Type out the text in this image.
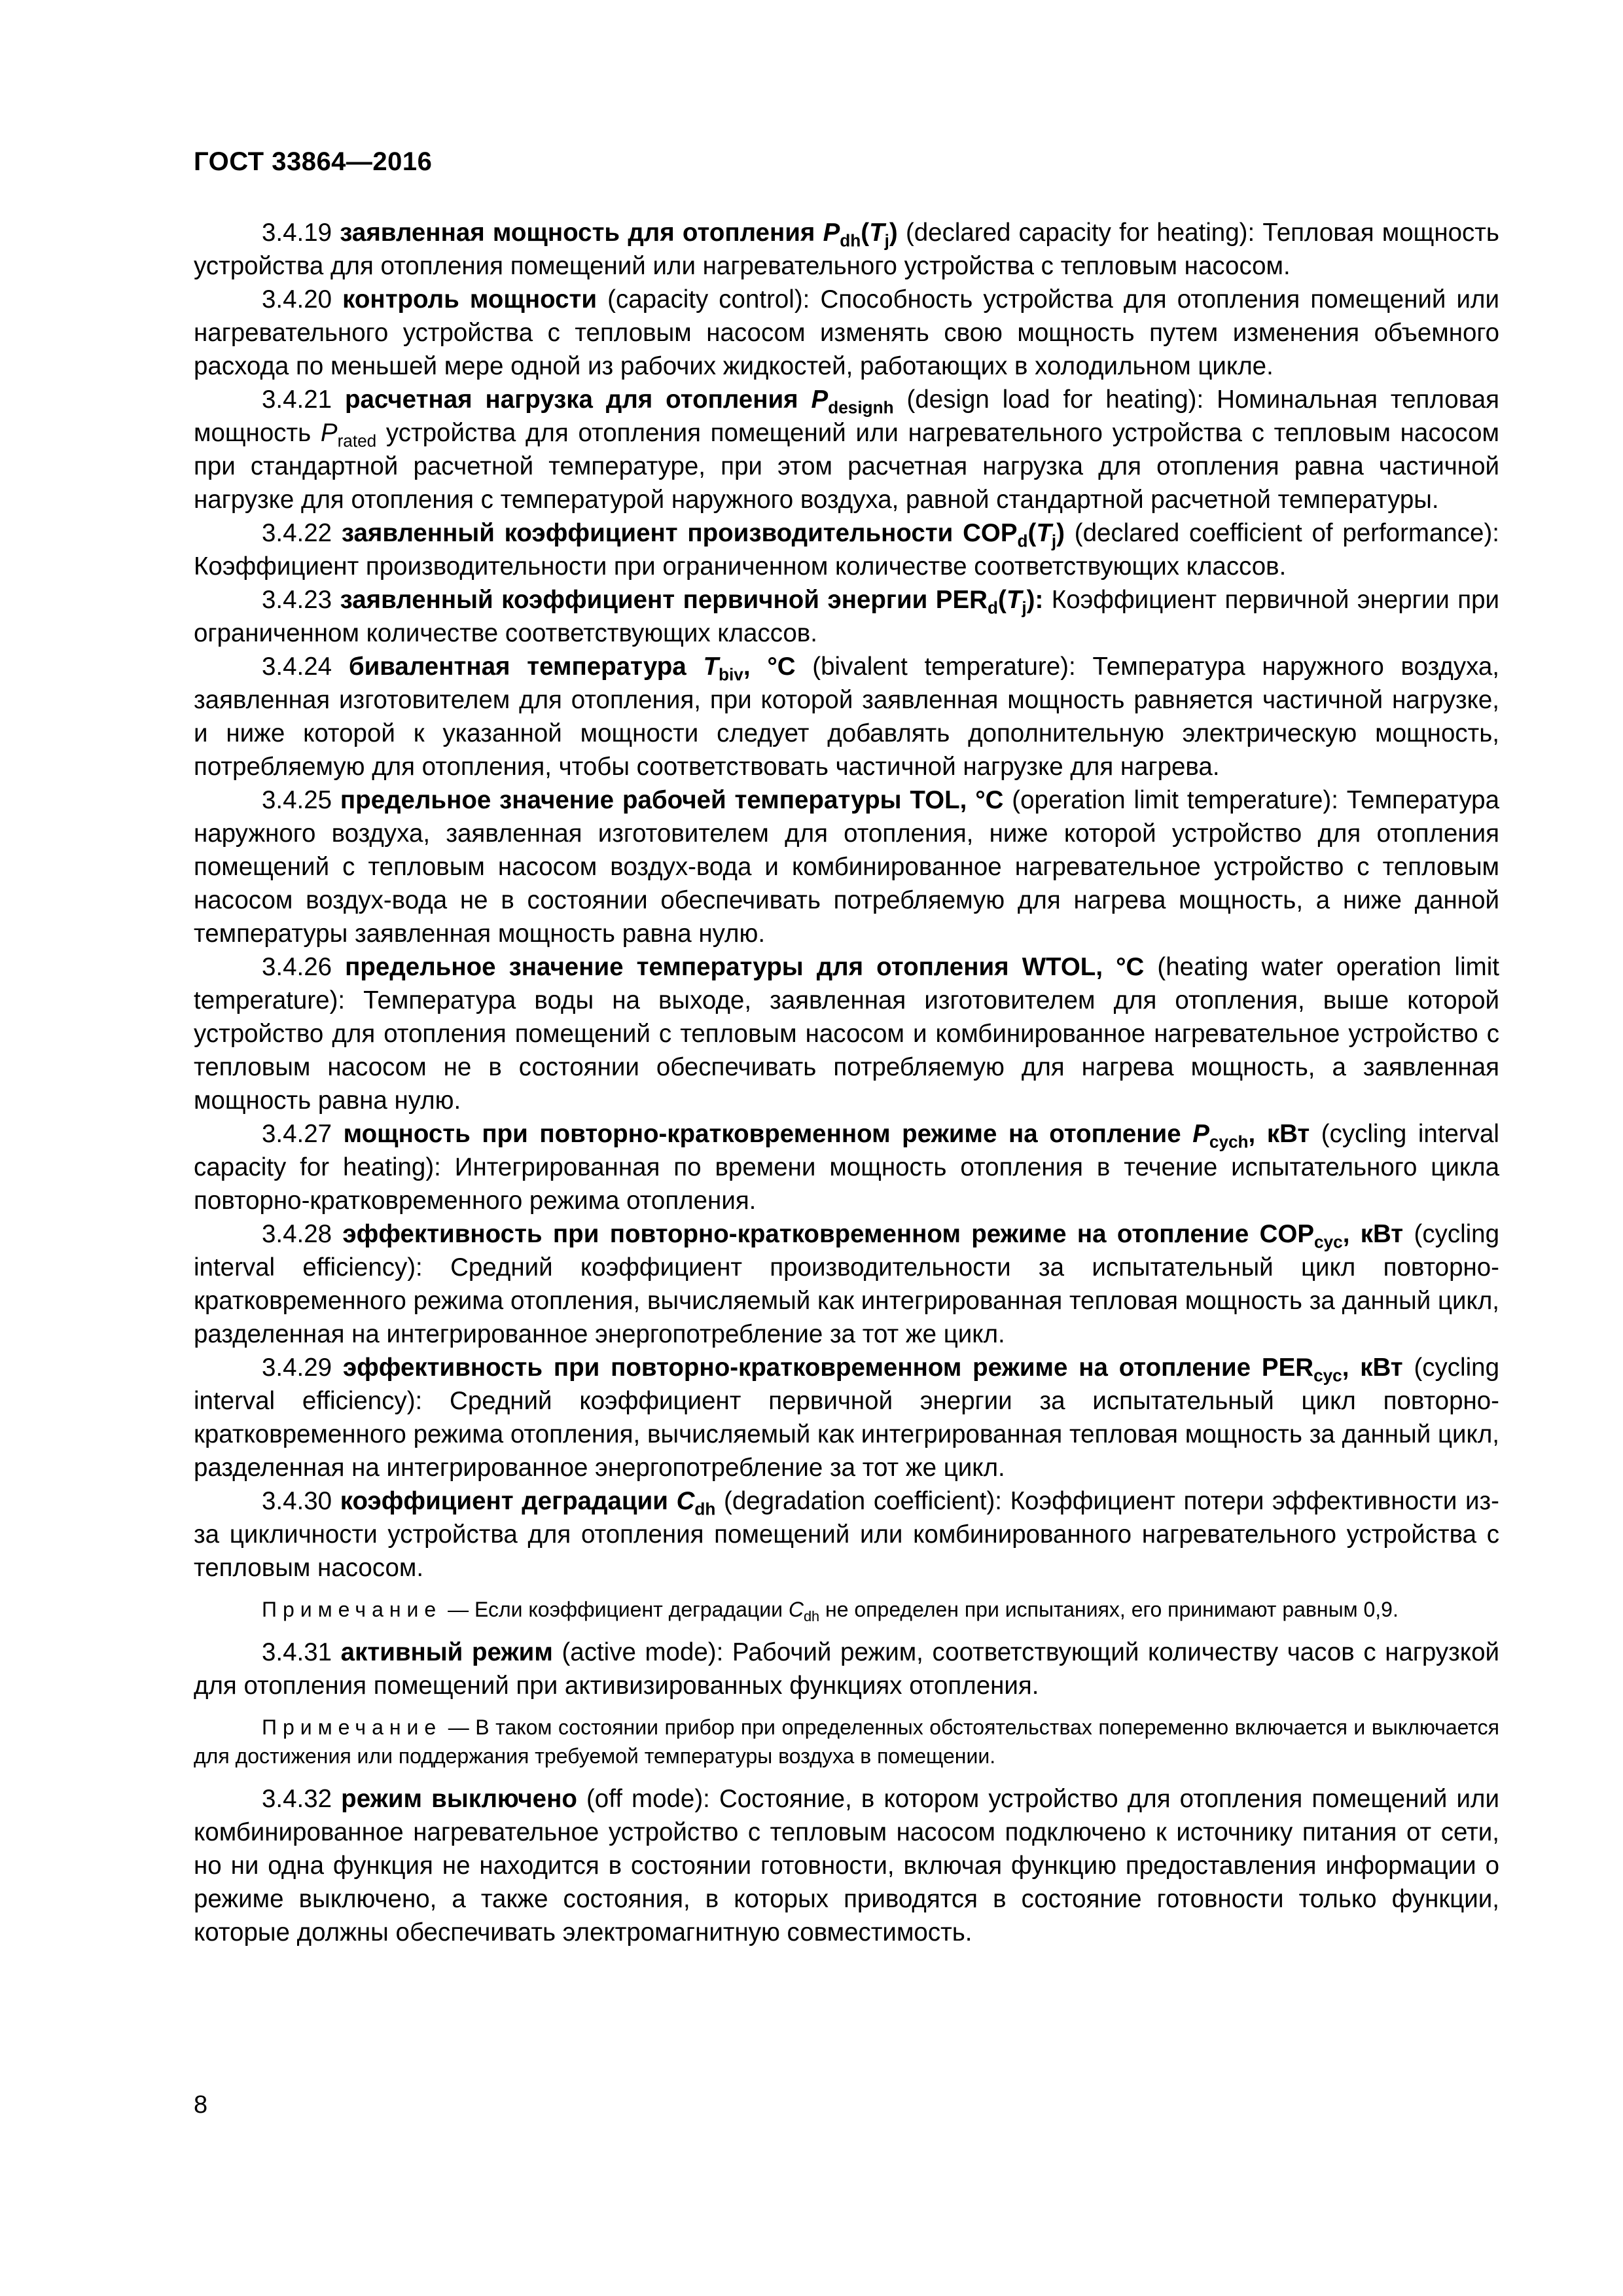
ГОСТ 33864—2016

3.4.19 заявленная мощность для отопления $P_{dh}(T_j)$ (declared capacity for heating): Тепловая мощность устройства для отопления помещений или нагревательного устройства с тепловым насосом.

3.4.20 контроль мощности (capacity control): Способность устройства для отопления помещений или нагревательного устройства с тепловым насосом изменять свою мощность путем изменения объемного расхода по меньшей мере одной из рабочих жидкостей, работающих в холодильном цикле.

3.4.21 расчетная нагрузка для отопления $P_{designh}$ (design load for heating): Номинальная тепловая мощность $P_{rated}$ устройства для отопления помещений или нагревательного устройства с тепловым насосом при стандартной расчетной температуре, при этом расчетная нагрузка для отопления равна частичной нагрузке для отопления с температурой наружного воздуха, равной стандартной расчетной температуры.

3.4.22 заявленный коэффициент производительности $COP_d(T_j)$ (declared coefficient of performance): Коэффициент производительности при ограниченном количестве соответствующих классов.

3.4.23 заявленный коэффициент первичной энергии $PER_d(T_j)$: Коэффициент первичной энергии при ограниченном количестве соответствующих классов.

3.4.24 бивалентная температура $T_{biv}$, °С (bivalent temperature): Температура наружного воздуха, заявленная изготовителем для отопления, при которой заявленная мощность равняется частичной нагрузке, и ниже которой к указанной мощности следует добавлять дополнительную электрическую мощность, потребляемую для отопления, чтобы соответствовать частичной нагрузке для нагрева.

3.4.25 предельное значение рабочей температуры TOL, °С (operation limit temperature): Температура наружного воздуха, заявленная изготовителем для отопления, ниже которой устройство для отопления помещений с тепловым насосом воздух-вода и комбинированное нагревательное устройство с тепловым насосом воздух-вода не в состоянии обеспечивать потребляемую для нагрева мощность, а ниже данной температуры заявленная мощность равна нулю.

3.4.26 предельное значение температуры для отопления WTOL, °С (heating water operation limit temperature): Температура воды на выходе, заявленная изготовителем для отопления, выше которой устройство для отопления помещений с тепловым насосом и комбинированное нагревательное устройство с тепловым насосом не в состоянии обеспечивать потребляемую для нагрева мощность, а заявленная мощность равна нулю.

3.4.27 мощность при повторно-кратковременном режиме на отопление $P_{cych}$, кВт (cycling interval capacity for heating): Интегрированная по времени мощность отопления в течение испытательного цикла повторно-кратковременного режима отопления.

3.4.28 эффективность при повторно-кратковременном режиме на отопление $COP_{cyc}$, кВт (cycling interval efficiency): Средний коэффициент производительности за испытательный цикл повторно-кратковременного режима отопления, вычисляемый как интегрированная тепловая мощность за данный цикл, разделенная на интегрированное энергопотребление за тот же цикл.

3.4.29 эффективность при повторно-кратковременном режиме на отопление $PER_{cyc}$, кВт (cycling interval efficiency): Средний коэффициент первичной энергии за испытательный цикл повторно-кратковременного режима отопления, вычисляемый как интегрированная тепловая мощность за данный цикл, разделенная на интегрированное энергопотребление за тот же цикл.

3.4.30 коэффициент деградации $C_{dh}$ (degradation coefficient): Коэффициент потери эффективности из-за цикличности устройства для отопления помещений или комбинированного нагревательного устройства с тепловым насосом.

Примечание — Если коэффициент деградации $C_{dh}$ не определен при испытаниях, его принимают равным 0,9.

3.4.31 активный режим (active mode): Рабочий режим, соответствующий количеству часов с нагрузкой для отопления помещений при активизированных функциях отопления.

Примечание — В таком состоянии прибор при определенных обстоятельствах попеременно включается и выключается для достижения или поддержания требуемой температуры воздуха в помещении.

3.4.32 режим выключено (off mode): Состояние, в котором устройство для отопления помещений или комбинированное нагревательное устройство с тепловым насосом подключено к источнику питания от сети, но ни одна функция не находится в состоянии готовности, включая функцию предоставления информации о режиме выключено, а также состояния, в которых приводятся в состояние готовности только функции, которые должны обеспечивать электромагнитную совместимость.

8
